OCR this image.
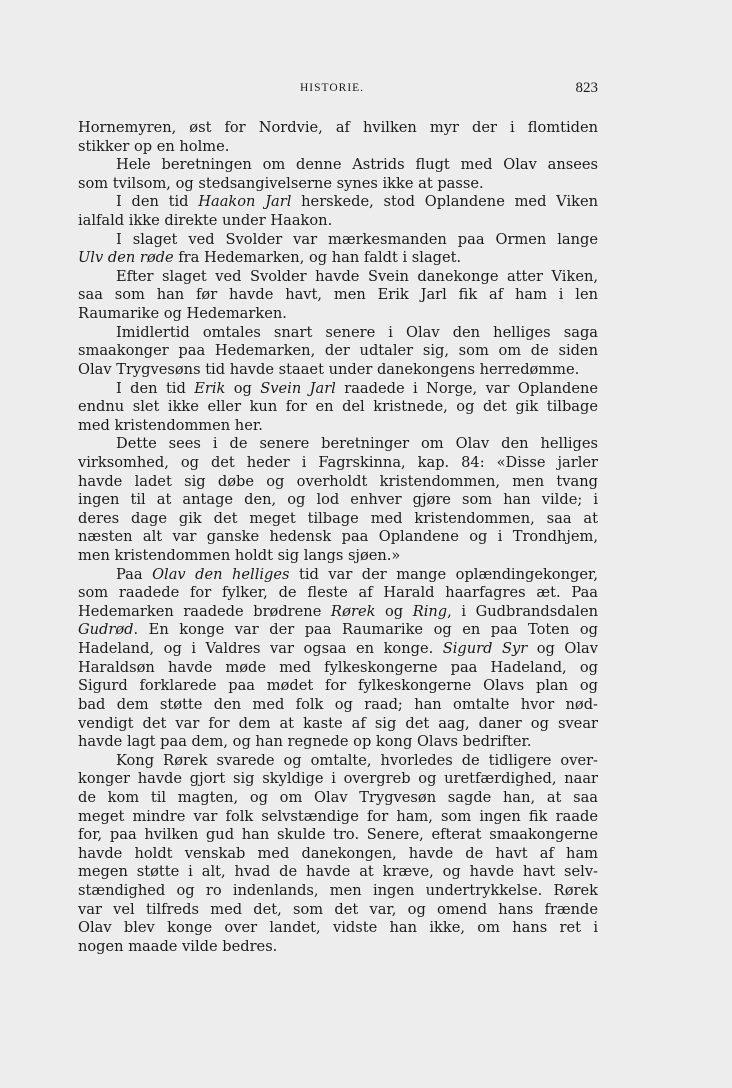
HISTORIE.	823
Hornemyren, øst for Nordvie, af hvilken myr der i flomtiden
stikker op en holme.
Hele beretningen om denne Astrids flugt med Olav ansees
som tvilsom, og stedsangivelserne synes ikke at passe.
I den tid Haakon Jarl herskede, stod Oplandene med Viken
ialfald ikke direkte under Haakon.
I slaget ved Svolder var mærkesmanden paa Ormen lange
Ulv den røde fra Hedemarken, og han faldt i slaget.
Efter slaget ved Svolder havde Svein danekonge atter Viken,
saa som han før havde havt, men Erik Jarl fik af ham i len
Raumarike og Hedemarken.
Imidlertid omtales snart senere i Olav den helliges saga
smaakonger paa Hedemarken, der udtaler sig, som om de siden
Olav Trygvesøns tid havde staaet under danekongens herredømme.
I den tid Erik og Svein Jarl raadede i Norge, var Oplandene
endnu slet ikke eller kun for en del kristnede, og det gik tilbage
med kristendommen her.
Dette sees i de senere beretninger om Olav den helliges
virksomhed, og det heder i Fagrskinna, kap. 84: «Disse jarler
havde ladet sig døbe og overholdt kristendommen, men tvang
ingen til at antage den, og lod enhver gjøre som han vilde; i
deres dage gik det meget tilbage med kristendommen, saa at
næsten alt var ganske hedensk paa Oplandene og i Trondhjem,
men kristendommen holdt sig langs sjøen.»
Paa Olav den helliges tid var der mange oplændingekonger,
som raadede for fylker, de fleste af Harald haarfagres æt. Paa
Hedemarken raadede brødrene Rørek og Ring, i Gudbrandsdalen
Gudrød. En konge var der paa Raumarike og en paa Toten og
Hadeland, og i Valdres var ogsaa en konge. Sigurd Syr og Olav
Haraldsøn havde møde med fylkeskongerne paa Hadeland, og
Sigurd forklarede paa mødet for fylkeskongerne Olavs plan og
bad dem støtte den med folk og raad; han omtalte hvor nød-
vendigt det var for dem at kaste af sig det aag, daner og svear
havde lagt paa dem, og han regnede op kong Olavs bedrifter.
Kong Rørek svarede og omtalte, hvorledes de tidligere over-
konger havde gjort sig skyldige i overgreb og uretfærdighed, naar
de kom til magten, og om Olav Trygvesøn sagde han, at saa
meget mindre var folk selvstændige for ham, som ingen fik raade
for, paa hvilken gud han skulde tro. Senere, efterat smaakongerne
havde holdt venskab med danekongen, havde de havt af ham
megen støtte i alt, hvad de havde at kræve, og havde havt selv-
stændighed og ro indenlands, men ingen undertrykkelse. Rørek
var vel tilfreds med det, som det var, og omend hans frænde
Olav blev konge over landet, vidste han ikke, om hans ret i
nogen maade vilde bedres.
